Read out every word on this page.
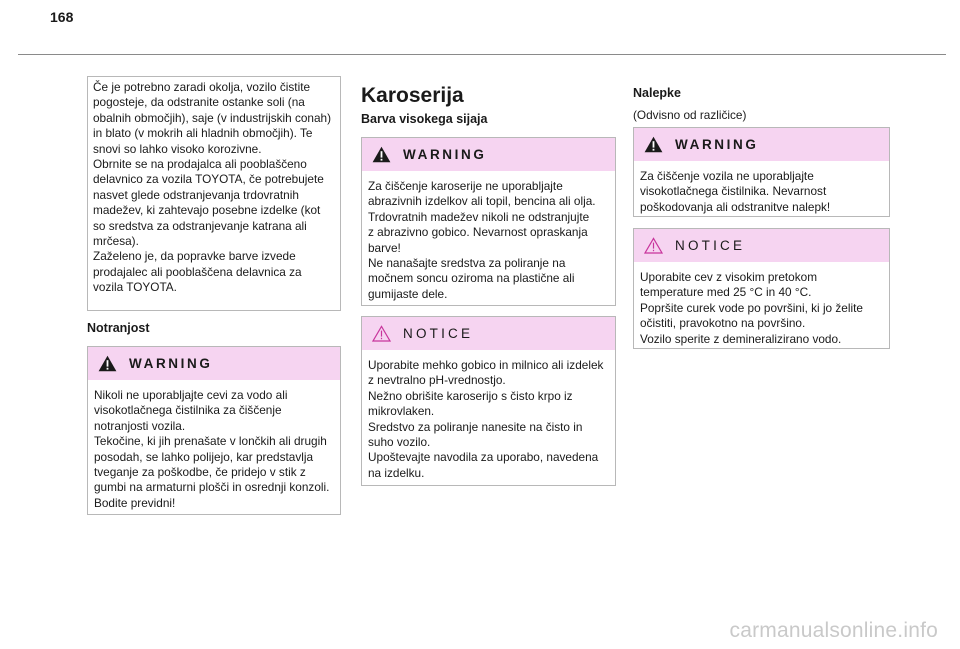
168

Če je potrebno zaradi okolja, vozilo čistite

pogosteje, da odstranite ostanke soli (na

obalnih območjih), saje (v industrijskih conah)

in blato (v mokrih ali hladnih območjih). Te

snovi so lahko visoko korozivne.

Obrnite se na prodajalca ali pooblaščeno

delavnico za vozila TOYOTA, če potrebujete

nasvet glede odstranjevanja trdovratnih

madežev, ki zahtevajo posebne izdelke (kot

so sredstva za odstranjevanje katrana ali

mrčesa).

Zaželeno je, da popravke barve izvede

prodajalec ali pooblaščena delavnica za

vozila TOYOTA.

Notranjost
WARNING

Nikoli ne uporabljajte cevi za vodo ali

visokotlačnega čistilnika za čiščenje

notranjosti vozila.

Tekočine, ki jih prenašate v lončkih ali drugih

posodah, se lahko polijejo, kar predstavlja

tveganje za poškodbe, če pridejo v stik z

gumbi na armaturni plošči in osrednji konzoli.

Bodite previdni!

Karoserija
Barva visokega sijaja
WARNING

Za čiščenje karoserije ne uporabljajte

abrazivnih izdelkov ali topil, bencina ali olja.

Trdovratnih madežev nikoli ne odstranjujte

z abrazivno gobico. Nevarnost opraskanja

barve!

Ne nanašajte sredstva za poliranje na

močnem soncu oziroma na plastične ali

gumijaste dele.

NOTICE

Uporabite mehko gobico in milnico ali izdelek

z nevtralno pH-vrednostjo.

Nežno obrišite karoserijo s čisto krpo iz

mikrovlaken.

Sredstvo za poliranje nanesite na čisto in

suho vozilo.

Upoštevajte navodila za uporabo, navedena

na izdelku.

Nalepke
(Odvisno od različice)
WARNING

Za čiščenje vozila ne uporabljajte

visokotlačnega čistilnika. Nevarnost

poškodovanja ali odstranitve nalepk!

NOTICE

Uporabite cev z visokim pretokom

temperature med 25 °C in 40 °C.

Popršite curek vode po površini, ki jo želite

očistiti, pravokotno na površino.

Vozilo sperite z demineralizirano vodo.

carmanualsonline.info
